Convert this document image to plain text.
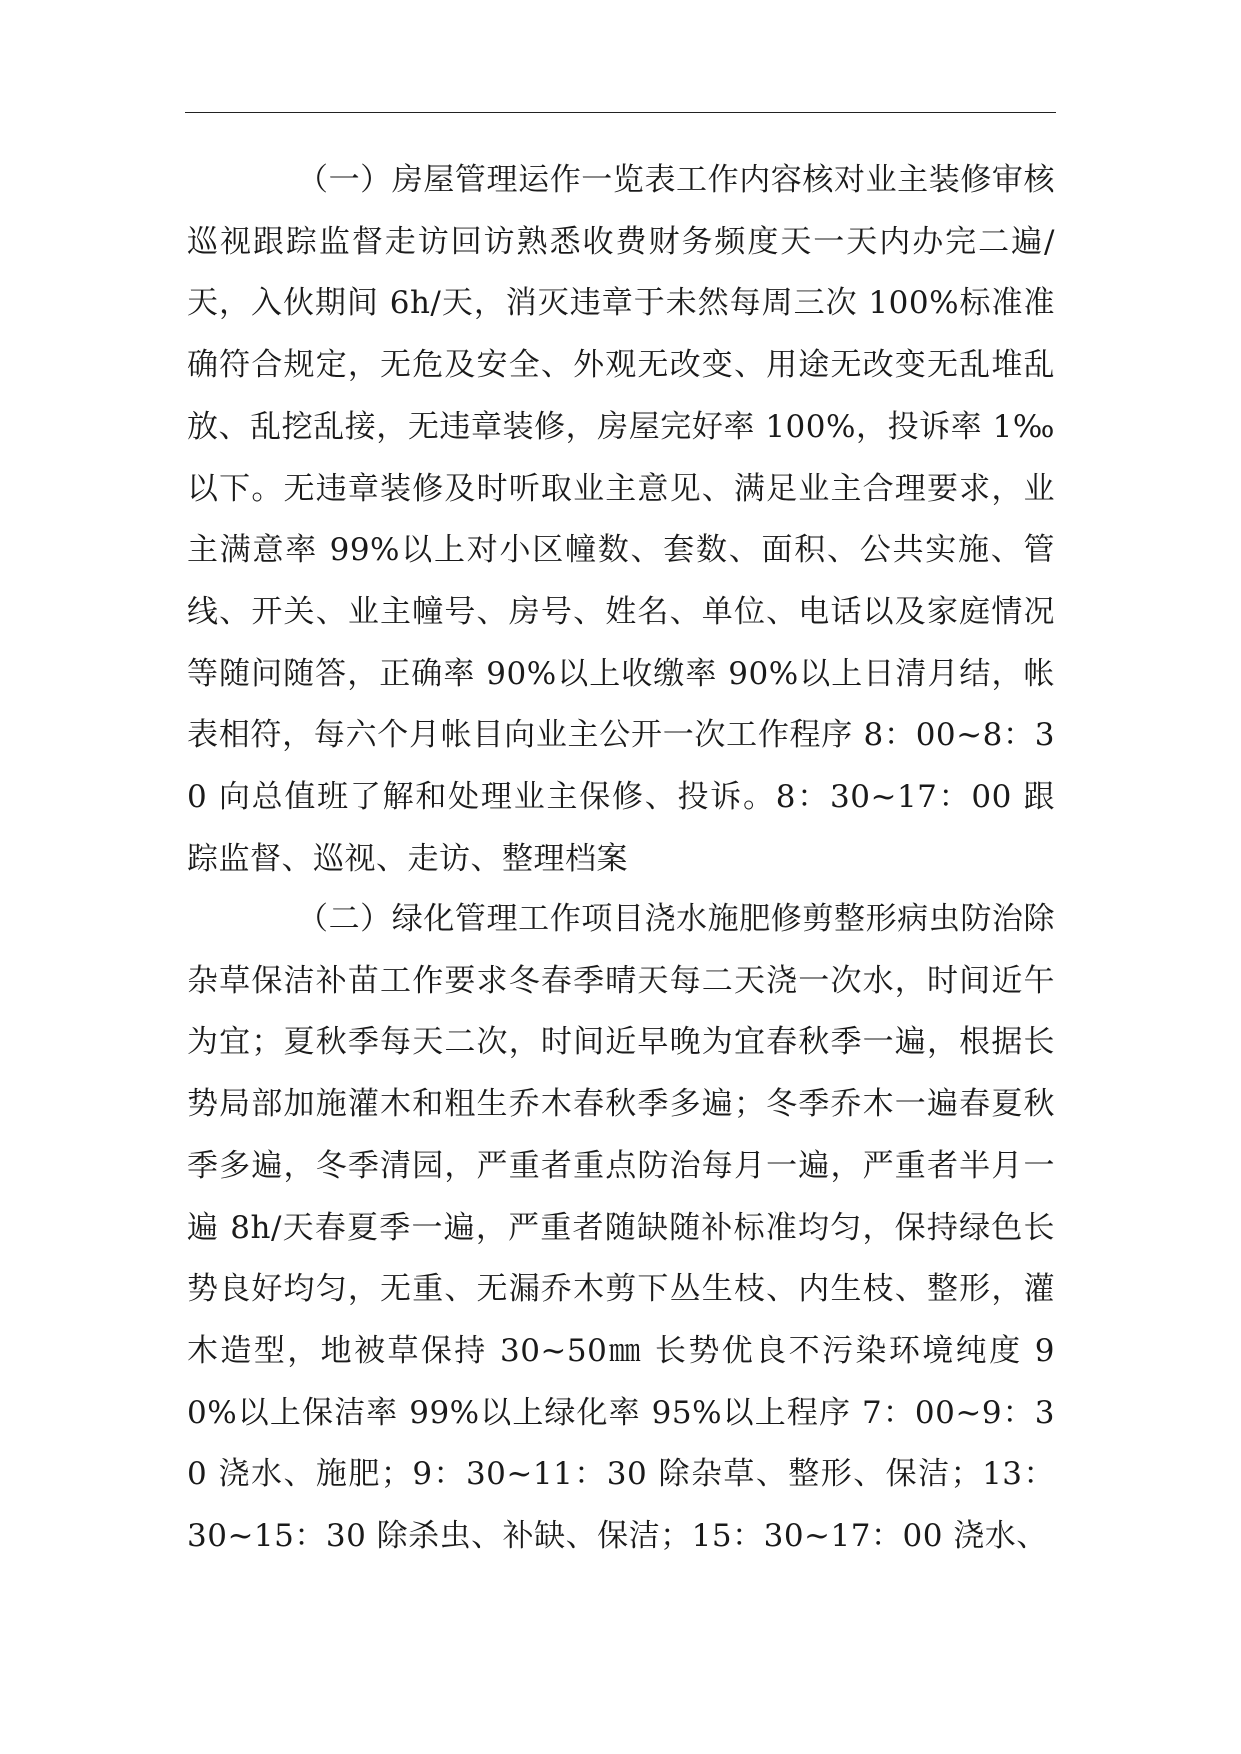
（一）房屋管理运作一览表工作内容核对业主装修审核巡视跟踪监督走访回访熟悉收费财务频度天一天内办完二遍/天，入伙期间 6h/天，消灭违章于未然每周三次 100%标准准确符合规定，无危及安全、外观无改变、用途无改变无乱堆乱放、乱挖乱接，无违章装修，房屋完好率 100%，投诉率 1‰以下。无违章装修及时听取业主意见、满足业主合理要求，业主满意率 99%以上对小区幢数、套数、面积、公共实施、管线、开关、业主幢号、房号、姓名、单位、电话以及家庭情况等随问随答，正确率 90%以上收缴率 90%以上日清月结，帐表相符，每六个月帐目向业主公开一次工作程序 8：00~8：30 向总值班了解和处理业主保修、投诉。8：30~17：00 跟踪监督、巡视、走访、整理档案

（二）绿化管理工作项目浇水施肥修剪整形病虫防治除杂草保洁补苗工作要求冬春季晴天每二天浇一次水，时间近午为宜；夏秋季每天二次，时间近早晚为宜春秋季一遍，根据长势局部加施灌木和粗生乔木春秋季多遍；冬季乔木一遍春夏秋季多遍，冬季清园，严重者重点防治每月一遍，严重者半月一遍 8h/天春夏季一遍，严重者随缺随补标准均匀，保持绿色长势良好均匀，无重、无漏乔木剪下丛生枝、内生枝、整形，灌木造型，地被草保持 30~50㎜ 长势优良不污染环境纯度 90%以上保洁率 99%以上绿化率 95%以上程序 7：00~9：30 浇水、施肥；9：30~11：30 除杂草、整形、保洁；13：30~15：30 除杀虫、补缺、保洁；15：30~17：00 浇水、
